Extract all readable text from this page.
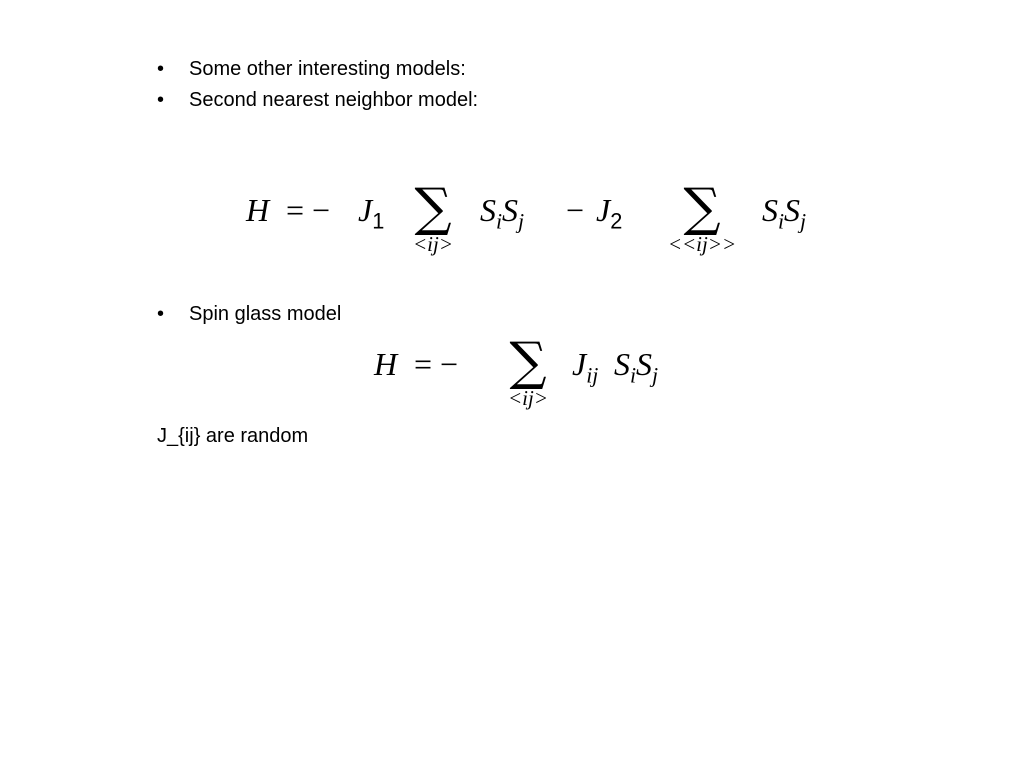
• Some other interesting models:
• Second nearest neighbor model:
H = − $J_1$ ∑
<ij>
$S_iS_j - J_2$	∑
<<ij>>
$S_iS_j$
• Spin glass model
H = − ∑
<ij>
$J_{ij}$ $S_iS_j$
J_{ij} are random
